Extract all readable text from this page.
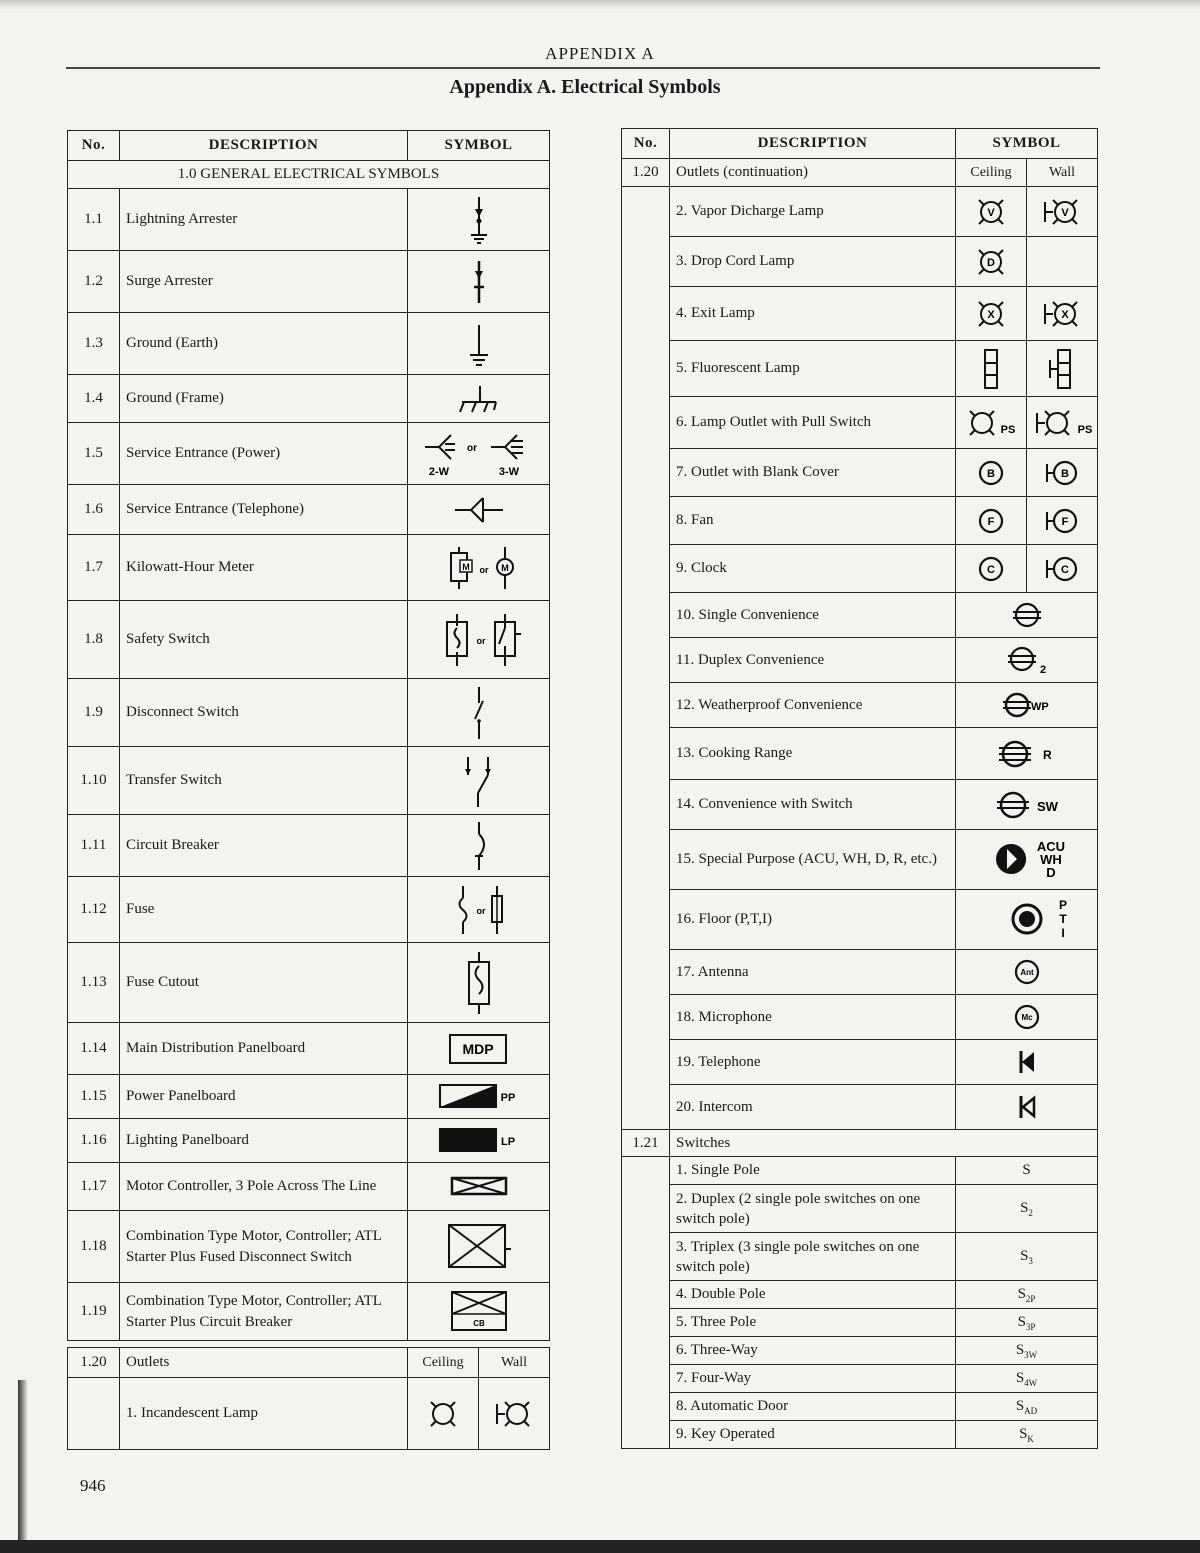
APPENDIX A
Appendix A. Electrical Symbols
No.	DESCRIPTION	SYMBOL
1.0 GENERAL ELECTRICAL SYMBOLS		
1.1	Lightning Arrester	

1.2	Surge Arrester	

1.3	Ground (Earth)	

1.4	Ground (Frame)	

1.5	Service Entrance (Power)	or
2-W 3-W

1.6	Service Entrance (Telephone)	

1.7	Kilowatt-Hour Meter	M or M

1.8	Safety Switch	or

1.9	Disconnect Switch	

1.10	Transfer Switch	

1.11	Circuit Breaker	

1.12	Fuse	or

1.13	Fuse Cutout	

1.14	Main Distribution Panelboard	MDP

1.15	Power Panelboard	PP

1.16	Lighting Panelboard	LP

1.17	Motor Controller, 3 Pole Across The Line	

1.18	Combination Type Motor, Controller; ATL Starter Plus Fused Disconnect Switch	

1.19	Combination Type Motor, Controller; ATL Starter Plus Circuit Breaker	CB
1.20	Outlets	Ceiling	Wall
	1. Incandescent Lamp	

No.	DESCRIPTION	SYMBOL	
1.20	Outlets (continuation)	Ceiling	Wall
	2. Vapor Dicharge Lamp	V	V

	3. Drop Cord Lamp	D	

	4. Exit Lamp	X	X

	5. Fluorescent Lamp	

	6. Lamp Outlet with Pull Switch	PS	PS

	7. Outlet with Blank Cover	B	B

	8. Fan	F	F

	9. Clock	C	C

	10. Single Convenience	

	11. Duplex Convenience	2	

	12. Weatherproof Convenience	WP	

	13. Cooking Range	R	

	14. Convenience with Switch	SW	

	15. Special Purpose (ACU, WH, D, R, etc.)	ACU
WH
D	

	16. Floor (P,T,I)	P
T
I	

	17. Antenna	Ant	

	18. Microphone	Mc	

	19. Telephone	

	20. Intercom	

1.21	Switches		
	1. Single Pole	S	
	2. Duplex (2 single pole switches on one switch pole)	$S_2$
	3. Triplex (3 single pole switches on one switch pole)	$S_3$
	4. Double Pole	$S_{2P}$
	5. Three Pole	$S_{3P}$
	6. Three-Way	$S_{3W}$
	7. Four-Way	$S_{4W}$
	8. Automatic Door	$S_{AD}$
	9. Key Operated	$S_K$
946
